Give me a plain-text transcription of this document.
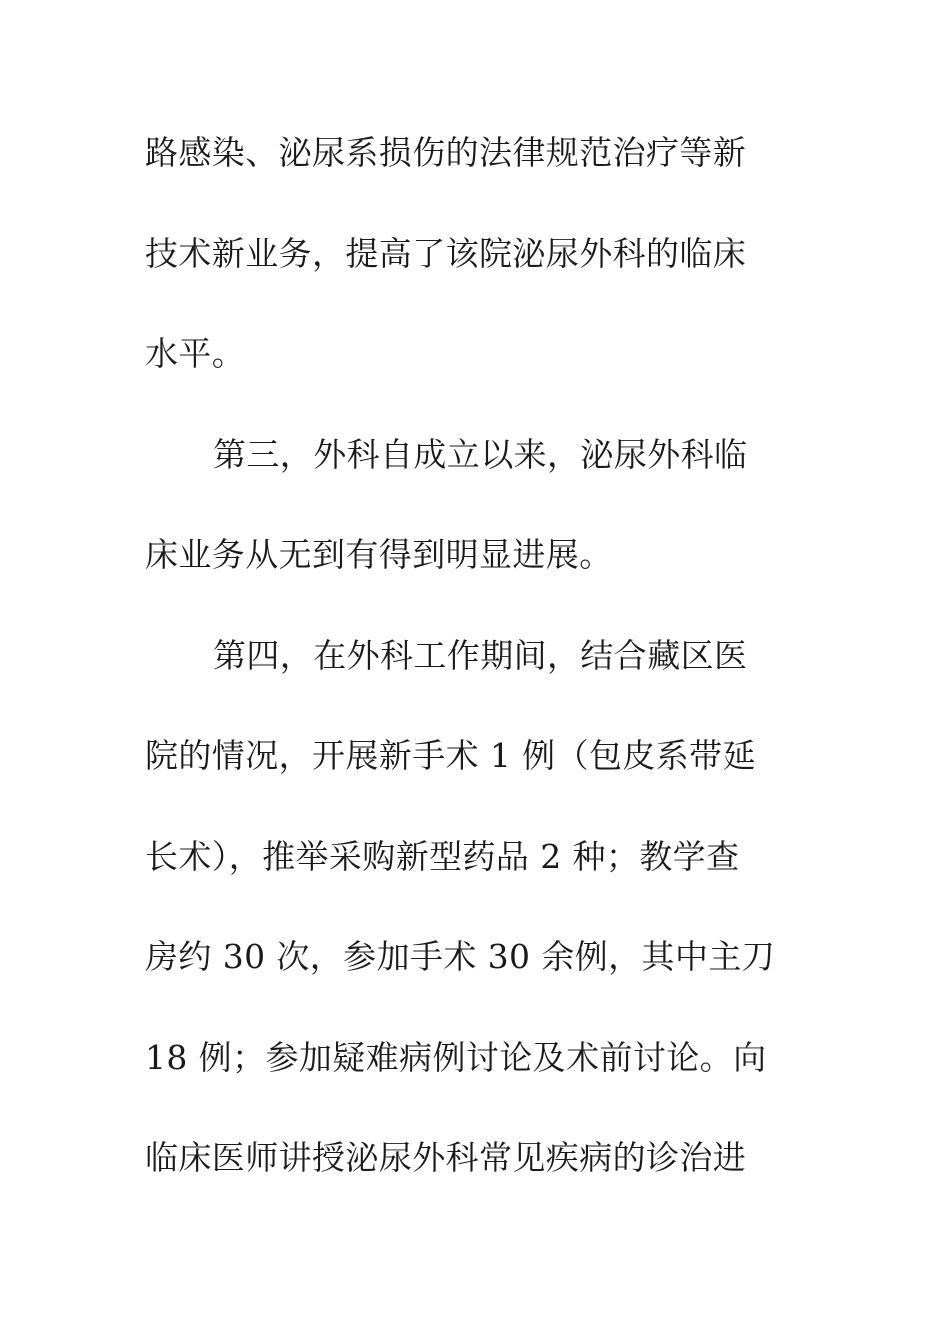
路感染、泌尿系损伤的法律规范治疗等新
技术新业务，提高了该院泌尿外科的临床
水平。
第三，外科自成立以来，泌尿外科临
床业务从无到有得到明显进展。
第四，在外科工作期间，结合藏区医
院的情况，开展新手术 1 例（包皮系带延
长术），推举采购新型药品 2 种；教学查
房约 30 次，参加手术 30 余例，其中主刀
18 例；参加疑难病例讨论及术前讨论。向
临床医师讲授泌尿外科常见疾病的诊治进
